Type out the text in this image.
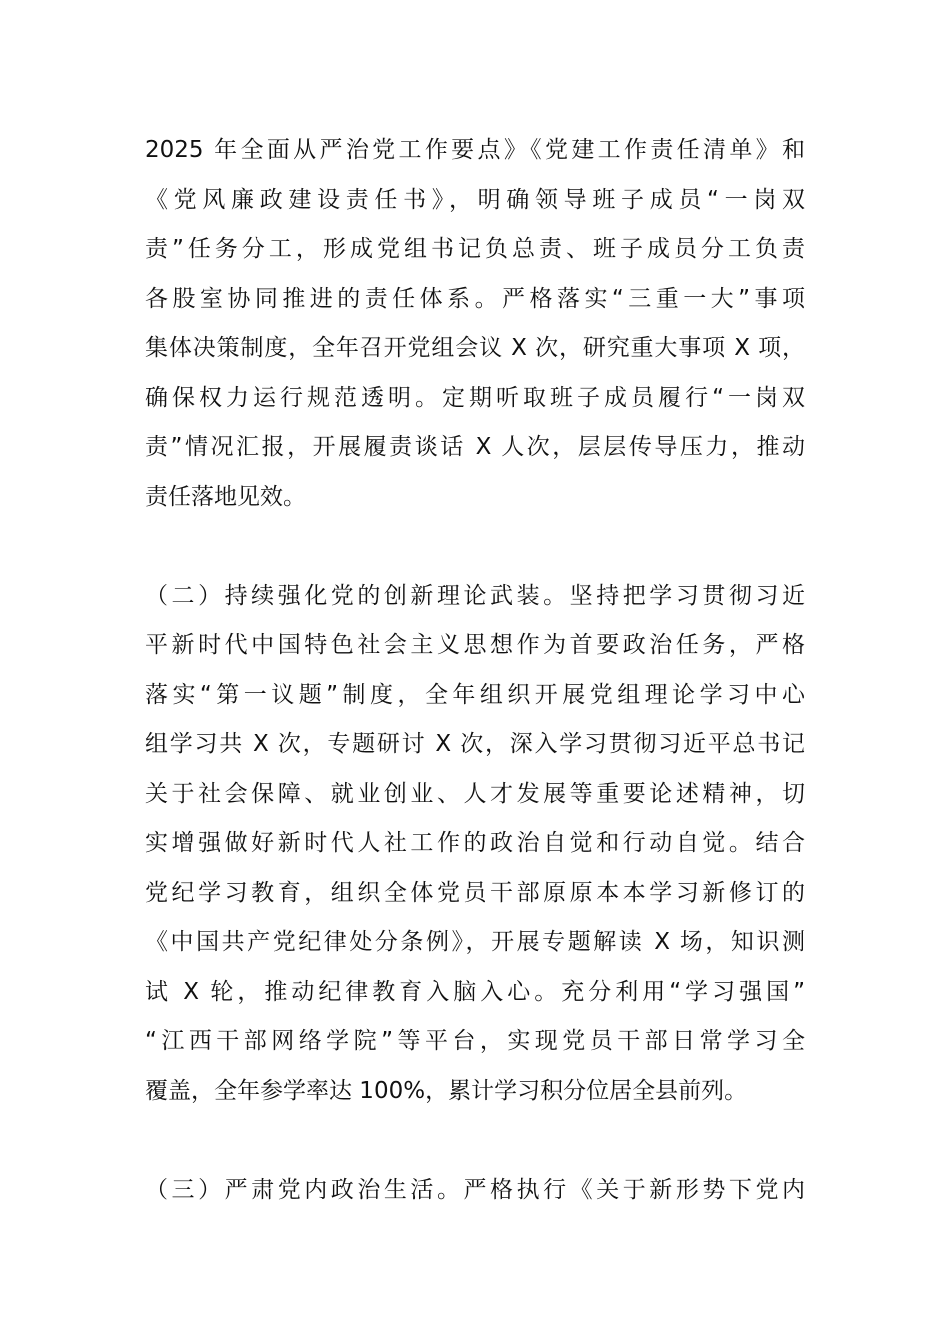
2025 年全面从严治党工作要点》《党建工作责任清单》和
《党风廉政建设责任书》，明确领导班子成员“一岗双
责”任务分工，形成党组书记负总责、班子成员分工负责
各股室协同推进的责任体系。严格落实“三重一大”事项
集体决策制度，全年召开党组会议 X 次，研究重大事项 X 项，
确保权力运行规范透明。定期听取班子成员履行“一岗双
责”情况汇报，开展履责谈话 X 人次，层层传导压力，推动
责任落地见效。
（二）持续强化党的创新理论武装。坚持把学习贯彻习近
平新时代中国特色社会主义思想作为首要政治任务，严格
落实“第一议题”制度，全年组织开展党组理论学习中心
组学习共 X 次，专题研讨 X 次，深入学习贯彻习近平总书记
关于社会保障、就业创业、人才发展等重要论述精神，切
实增强做好新时代人社工作的政治自觉和行动自觉。结合
党纪学习教育，组织全体党员干部原原本本学习新修订的
《中国共产党纪律处分条例》，开展专题解读 X 场，知识测
试 X 轮，推动纪律教育入脑入心。充分利用“学习强国”
“江西干部网络学院”等平台，实现党员干部日常学习全
覆盖，全年参学率达 100%，累计学习积分位居全县前列。
（三）严肃党内政治生活。严格执行《关于新形势下党内
